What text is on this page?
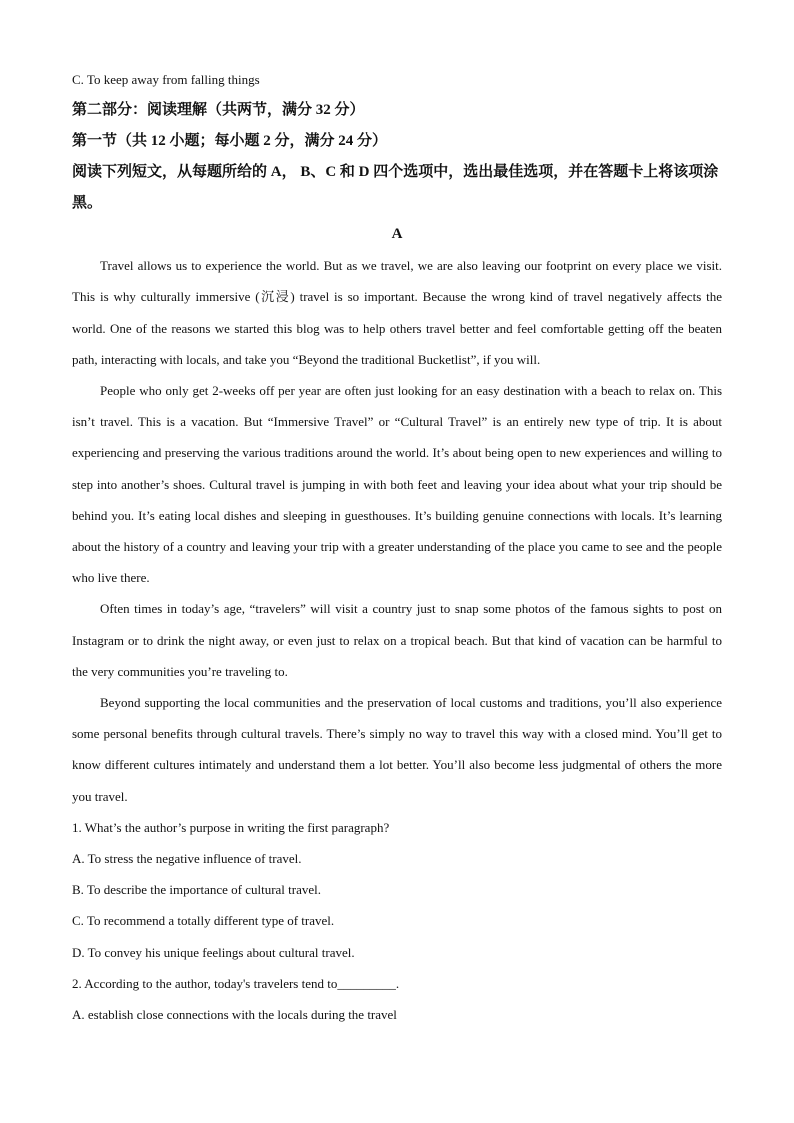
C. To keep away from falling things
第二部分：阅读理解（共两节，满分 32 分）
第一节（共 12 小题；每小题 2 分，满分 24 分）
阅读下列短文，从每题所给的 A， B、C 和 D 四个选项中，选出最佳选项，并在答题卡上将该项涂黑。
A

Travel allows us to experience the world. But as we travel, we are also leaving our footprint on every place we visit. This is why culturally immersive (沉浸) travel is so important. Because the wrong kind of travel negatively affects the world. One of the reasons we started this blog was to help others travel better and feel comfortable getting off the beaten path, interacting with locals, and take you “Beyond the traditional Bucketlist”, if you will.

People who only get 2-weeks off per year are often just looking for an easy destination with a beach to relax on. This isn’t travel. This is a vacation. But “Immersive Travel” or “Cultural Travel” is an entirely new type of trip. It is about experiencing and preserving the various traditions around the world. It’s about being open to new experiences and willing to step into another’s shoes. Cultural travel is jumping in with both feet and leaving your idea about what your trip should be behind you. It’s eating local dishes and sleeping in guesthouses. It’s building genuine connections with locals. It’s learning about the history of a country and leaving your trip with a greater understanding of the place you came to see and the people who live there.

Often times in today’s age, “travelers” will visit a country just to snap some photos of the famous sights to post on Instagram or to drink the night away, or even just to relax on a tropical beach. But that kind of vacation can be harmful to the very communities you’re traveling to.

Beyond supporting the local communities and the preservation of local customs and traditions, you’ll also experience some personal benefits through cultural travels. There’s simply no way to travel this way with a closed mind. You’ll get to know different cultures intimately and understand them a lot better. You’ll also become less judgmental of others the more you travel.

1. What’s the author’s purpose in writing the first paragraph?
A. To stress the negative influence of travel.
B. To describe the importance of cultural travel.
C. To recommend a totally different type of travel.
D. To convey his unique feelings about cultural travel.
2. According to the author, today's travelers tend to_________.
A. establish close connections with the locals during the travel
